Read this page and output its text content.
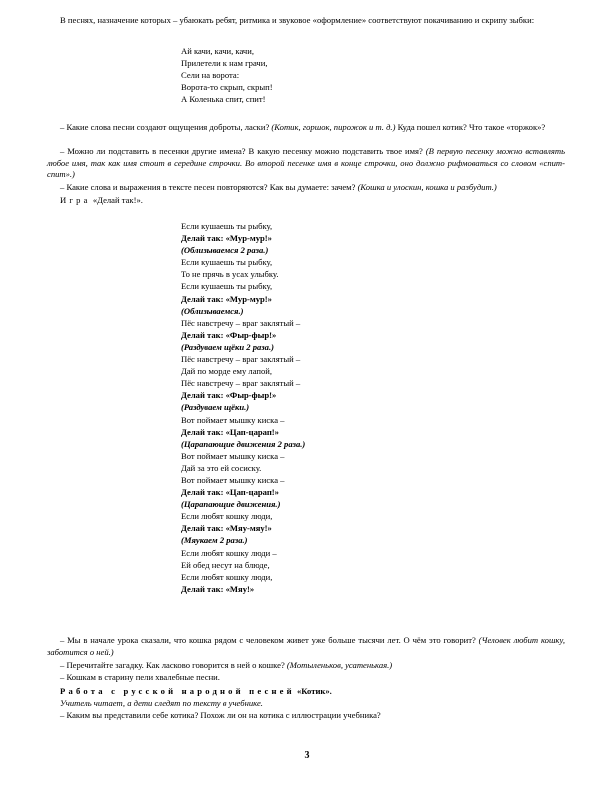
В песнях, назначение которых – убаюкать ребят, ритмика и звуковое «оформление» соответствуют покачиванию и скрипу зыбки:

Ай качи, качи, качи,
Прилетели к нам грачи,
Сели на ворота:
Ворота-то скрып, скрып!
А Коленька спит, спит!

– Какие слова песни создают ощущения доброты, ласки? (Котик, горшок, пирожок и т. д.) Куда пошел котик? Что такое «торжок»?

– Можно ли подставить в песенки другие имена? В какую песенку можно подставить твое имя? (В первую песенку можно вставлять любое имя, так как имя стоит в середине строчки. Во второй песенке имя в конце строчки, оно должно рифмоваться со словом «спит-спит».)

– Какие слова и выражения в тексте песен повторяются? Как вы думаете: зачем? (Кошка и улоскин, кошка и разбудит.)

Игра «Делай так!».

Если кушаешь ты рыбку,
Делай так: «Мур-мур!»
(Облизываемся 2 раза.)
Если кушаешь ты рыбку,
То не прячь в усах улыбку.
Если кушаешь ты рыбку,
Делай так: «Мур-мур!»
(Облизываемся.)
Пёс навстречу – враг заклятый –
Делай так: «Фыр-фыр!»
(Раздуваем щёки 2 раза.)
Пёс навстречу – враг заклятый –
Дай по морде ему лапой,
Пёс навстречу – враг заклятый –
Делай так: «Фыр-фыр!»
(Раздуваем щёки.)
Вот поймает мышку киска –
Делай так: «Цап-царап!»
(Царапающие движения 2 раза.)
Вот поймает мышку киска –
Дай за это ей сосиску.
Вот поймает мышку киска –
Делай так: «Цап-царап!»
(Царапающие движения.)
Если любят кошку люди,
Делай так: «Мяу-мяу!»
(Мяукаем 2 раза.)
Если любят кошку люди –
Ей обед несут на блюде,
Если любят кошку люди,
Делай так: «Мяу!»

– Мы в начале урока сказали, что кошка рядом с человеком живет уже больше тысячи лет. О чём это говорит? (Человек любит кошку, заботится о ней.)

– Перечитайте загадку. Как ласково говорится в ней о кошке? (Мотыленьков, усатенькая.)

– Кошкам в старину пели хвалебные песни.

Работа с русской народной песней «Котик».

Учитель читает, а дети следят по тексту в учебнике.

– Каким вы представили себе котика? Похож ли он на котика с иллюстрации учебника?

3
